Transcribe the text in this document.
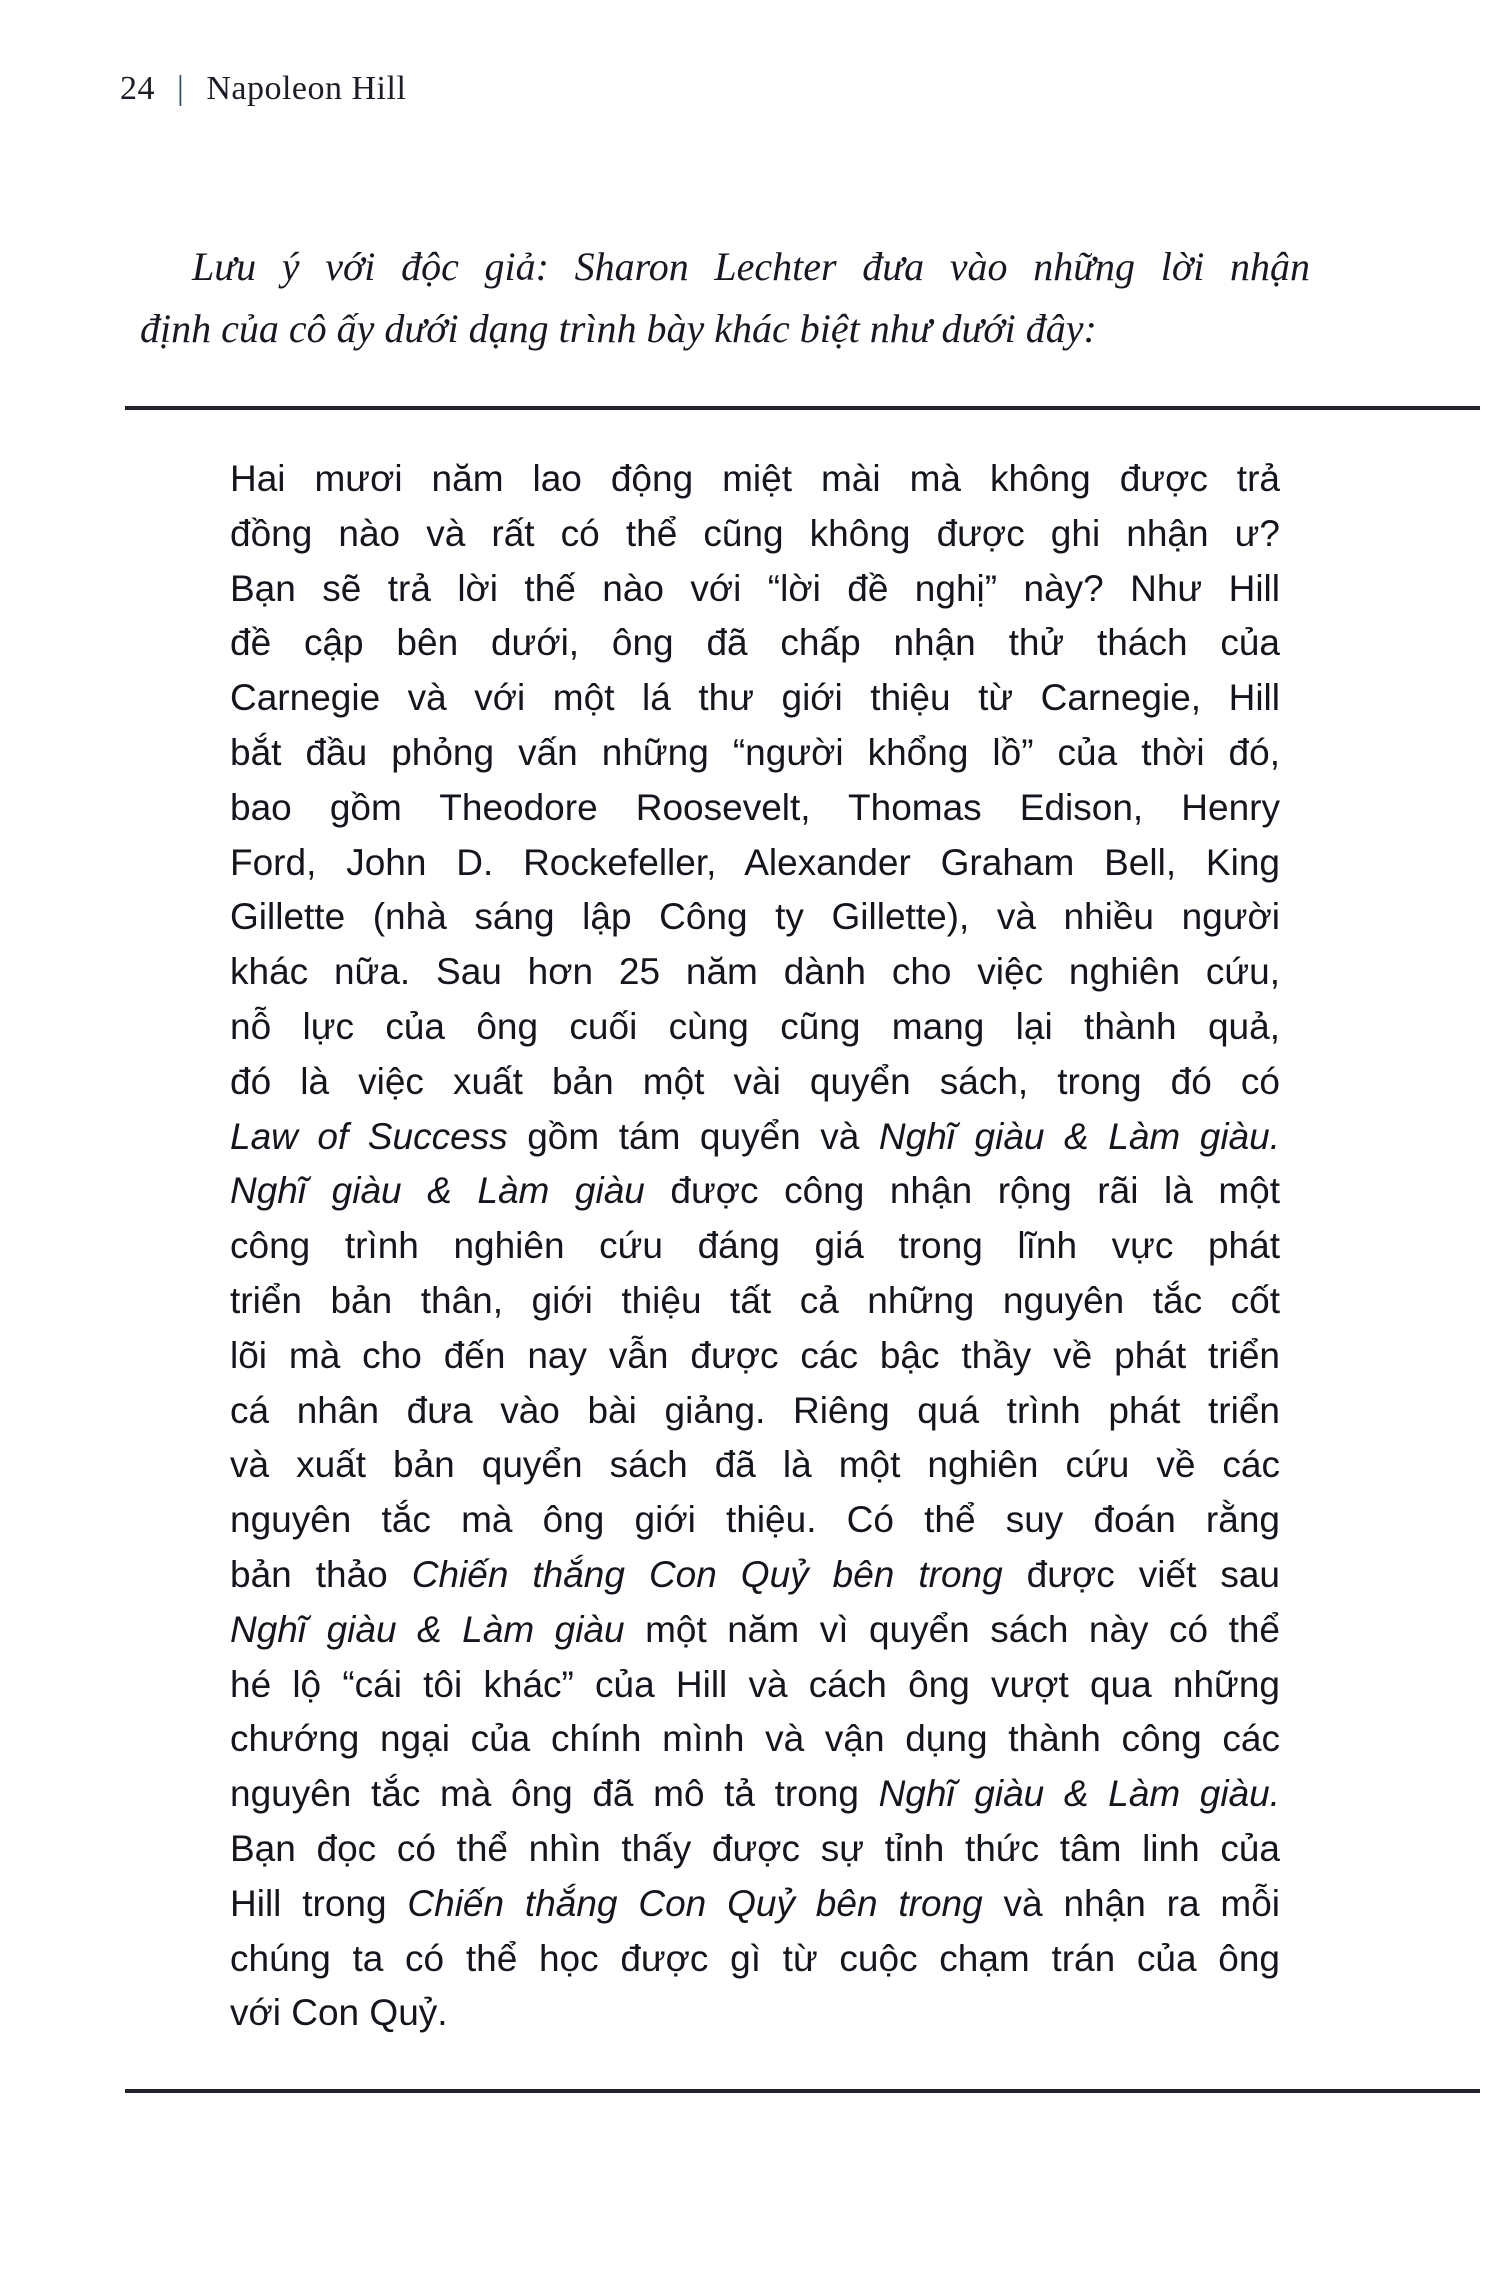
24 | Napoleon Hill

Lưu ý với độc giả: Sharon Lechter đưa vào những lời nhận

định của cô ấy dưới dạng trình bày khác biệt như dưới đây:

Hai mươi năm lao động miệt mài mà không được trả
đồng nào và rất có thể cũng không được ghi nhận ư?
Bạn sẽ trả lời thế nào với “lời đề nghị” này? Như Hill
đề cập bên dưới, ông đã chấp nhận thử thách của
Carnegie và với một lá thư giới thiệu từ Carnegie, Hill
bắt đầu phỏng vấn những “người khổng lồ” của thời đó,
bao gồm Theodore Roosevelt, Thomas Edison, Henry
Ford, John D. Rockefeller, Alexander Graham Bell, King
Gillette (nhà sáng lập Công ty Gillette), và nhiều người
khác nữa. Sau hơn 25 năm dành cho việc nghiên cứu,
nỗ lực của ông cuối cùng cũng mang lại thành quả,
đó là việc xuất bản một vài quyển sách, trong đó có
Law of Success gồm tám quyển và Nghĩ giàu & Làm giàu.
Nghĩ giàu & Làm giàu được công nhận rộng rãi là một
công trình nghiên cứu đáng giá trong lĩnh vực phát
triển bản thân, giới thiệu tất cả những nguyên tắc cốt
lõi mà cho đến nay vẫn được các bậc thầy về phát triển
cá nhân đưa vào bài giảng. Riêng quá trình phát triển
và xuất bản quyển sách đã là một nghiên cứu về các
nguyên tắc mà ông giới thiệu. Có thể suy đoán rằng
bản thảo Chiến thắng Con Quỷ bên trong được viết sau
Nghĩ giàu & Làm giàu một năm vì quyển sách này có thể
hé lộ “cái tôi khác” của Hill và cách ông vượt qua những
chướng ngại của chính mình và vận dụng thành công các
nguyên tắc mà ông đã mô tả trong Nghĩ giàu & Làm giàu.
Bạn đọc có thể nhìn thấy được sự tỉnh thức tâm linh của
Hill trong Chiến thắng Con Quỷ bên trong và nhận ra mỗi
chúng ta có thể học được gì từ cuộc chạm trán của ông
với Con Quỷ.
